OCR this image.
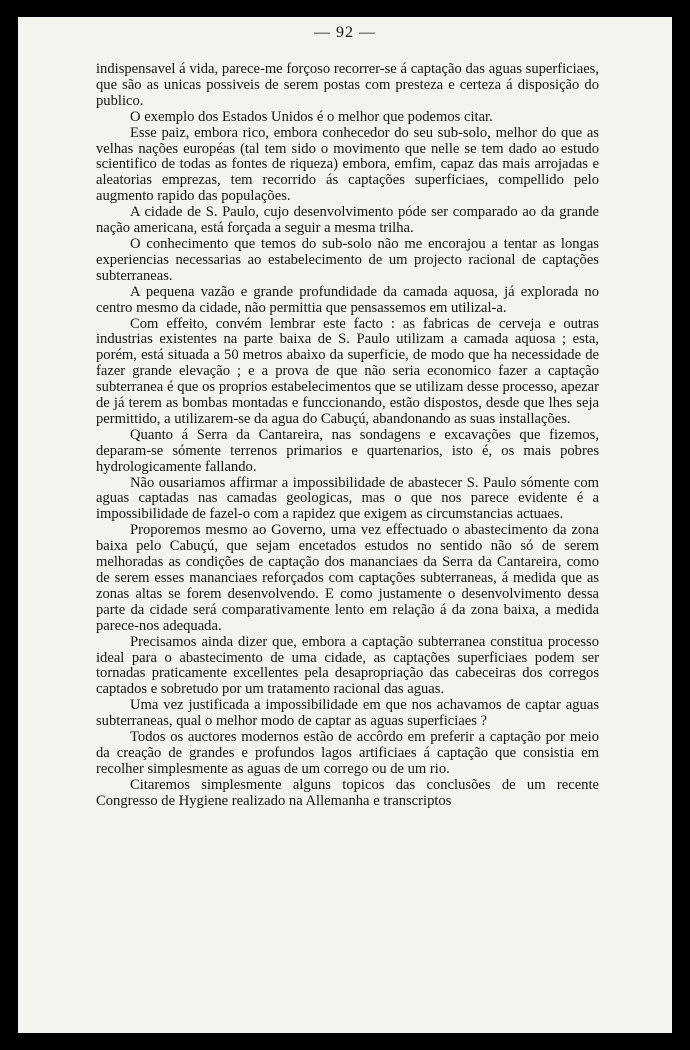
— 92 —

indispensavel á vida, parece-me forçoso recorrer-se á captação das aguas superficiaes, que são as unicas possiveis de serem postas com presteza e certeza á disposição do publico.

O exemplo dos Estados Unidos é o melhor que podemos citar.

Esse paiz, embora rico, embora conhecedor do seu sub-solo, melhor do que as velhas nações européas (tal tem sido o movimento que nelle se tem dado ao estudo scientifico de todas as fontes de riqueza) embora, emfim, capaz das mais arrojadas e aleatorias emprezas, tem recorrido ás captações superficiaes, compellido pelo augmento rapido das populações.

A cidade de S. Paulo, cujo desenvolvimento póde ser comparado ao da grande nação americana, está forçada a seguir a mesma trilha.

O conhecimento que temos do sub-solo não me encorajou a tentar as longas experiencias necessarias ao estabelecimento de um projecto racional de captações subterraneas.

A pequena vazão e grande profundidade da camada aquosa, já explorada no centro mesmo da cidade, não permittia que pensassemos em utilizal-a.

Com effeito, convém lembrar este facto : as fabricas de cerveja e outras industrias existentes na parte baixa de S. Paulo utilizam a camada aquosa ; esta, porém, está situada a 50 metros abaixo da superficie, de modo que ha necessidade de fazer grande elevação ; e a prova de que não seria economico fazer a captação subterranea é que os proprios estabelecimentos que se utilizam desse processo, apezar de já terem as bombas montadas e funccionando, estão dispostos, desde que lhes seja permittido, a utilizarem-se da agua do Cabuçú, abandonando as suas installações.

Quanto á Serra da Cantareira, nas sondagens e excavações que fizemos, deparam-se sómente terrenos primarios e quartenarios, isto é, os mais pobres hydrologicamente fallando.

Não ousariamos affirmar a impossibilidade de abastecer S. Paulo sómente com aguas captadas nas camadas geologicas, mas o que nos parece evidente é a impossibilidade de fazel-o com a rapidez que exigem as circumstancias actuaes.

Proporemos mesmo ao Governo, uma vez effectuado o abastecimento da zona baixa pelo Cabuçú, que sejam encetados estudos no sentido não só de serem melhoradas as condições de captação dos mananciaes da Serra da Cantareira, como de serem esses mananciaes reforçados com captações subterraneas, á medida que as zonas altas se forem desenvolvendo. E como justamente o desenvolvimento dessa parte da cidade será comparativamente lento em relação á da zona baixa, a medida parece-nos adequada.

Precisamos ainda dizer que, embora a captação subterranea constitua processo ideal para o abastecimento de uma cidade, as captações superficiaes podem ser tornadas praticamente excellentes pela desapropriação das cabeceiras dos corregos captados e sobretudo por um tratamento racional das aguas.

Uma vez justificada a impossibilidade em que nos achavamos de captar aguas subterraneas, qual o melhor modo de captar as aguas superficiaes ?

Todos os auctores modernos estão de accôrdo em preferir a captação por meio da creação de grandes e profundos lagos artificiaes á captação que consistia em recolher simplesmente as aguas de um corrego ou de um rio.

Citaremos simplesmente alguns topicos das conclusões de um recente Congresso de Hygiene realizado na Allemanha e transcriptos
